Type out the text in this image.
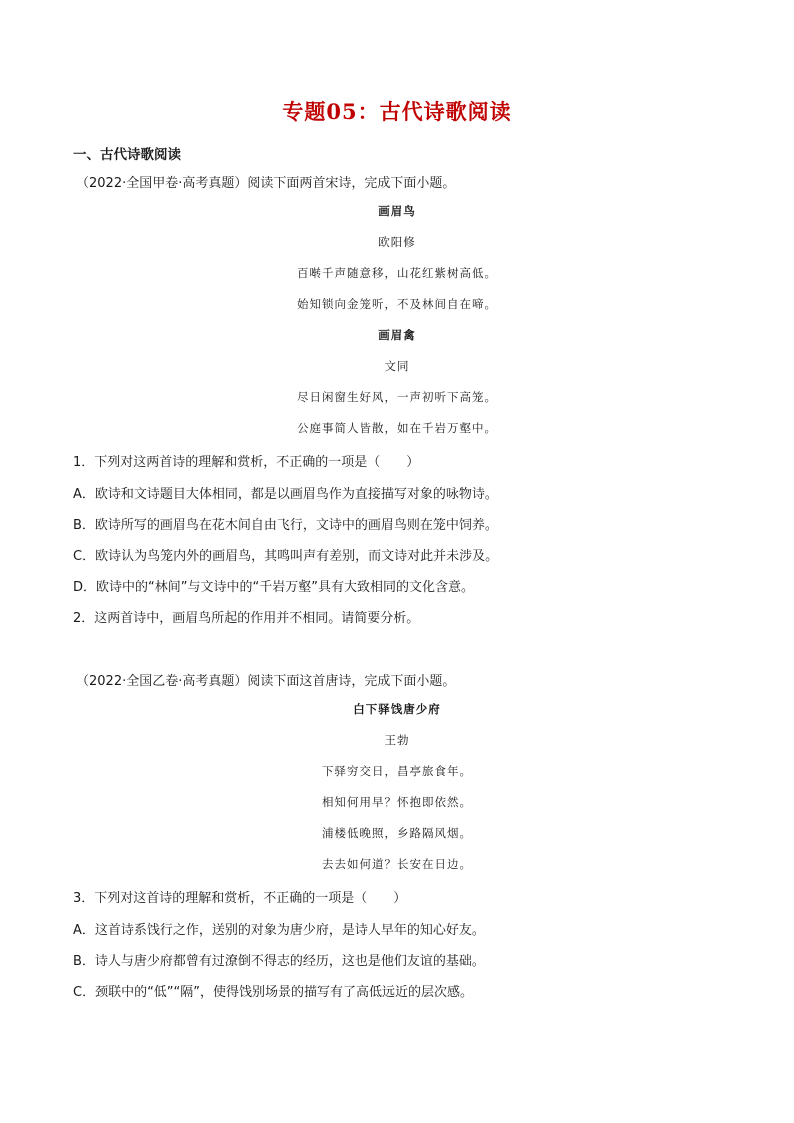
专题05：古代诗歌阅读
一、古代诗歌阅读
（2022·全国甲卷·高考真题）阅读下面两首宋诗，完成下面小题。
画眉鸟
欧阳修
百啭千声随意移，山花红紫树高低。
始知锁向金笼听，不及林间自在啼。
画眉禽
文同
尽日闲窗生好风，一声初听下高笼。
公庭事简人皆散，如在千岩万壑中。
1．下列对这两首诗的理解和赏析，不正确的一项是（　　）
A．欧诗和文诗题目大体相同，都是以画眉鸟作为直接描写对象的咏物诗。
B．欧诗所写的画眉鸟在花木间自由飞行，文诗中的画眉鸟则在笼中饲养。
C．欧诗认为鸟笼内外的画眉鸟，其鸣叫声有差别，而文诗对此并未涉及。
D．欧诗中的“林间”与文诗中的“千岩万壑”具有大致相同的文化含意。
2．这两首诗中，画眉鸟所起的作用并不相同。请简要分析。
（2022·全国乙卷·高考真题）阅读下面这首唐诗，完成下面小题。
白下驿饯唐少府
王勃
下驿穷交日，昌亭旅食年。
相知何用早？怀抱即依然。
浦楼低晚照，乡路隔风烟。
去去如何道？长安在日边。
3．下列对这首诗的理解和赏析，不正确的一项是（　　）
A．这首诗系饯行之作，送别的对象为唐少府，是诗人早年的知心好友。
B．诗人与唐少府都曾有过潦倒不得志的经历，这也是他们友谊的基础。
C．颈联中的“低”“隔”，使得饯别场景的描写有了高低远近的层次感。
